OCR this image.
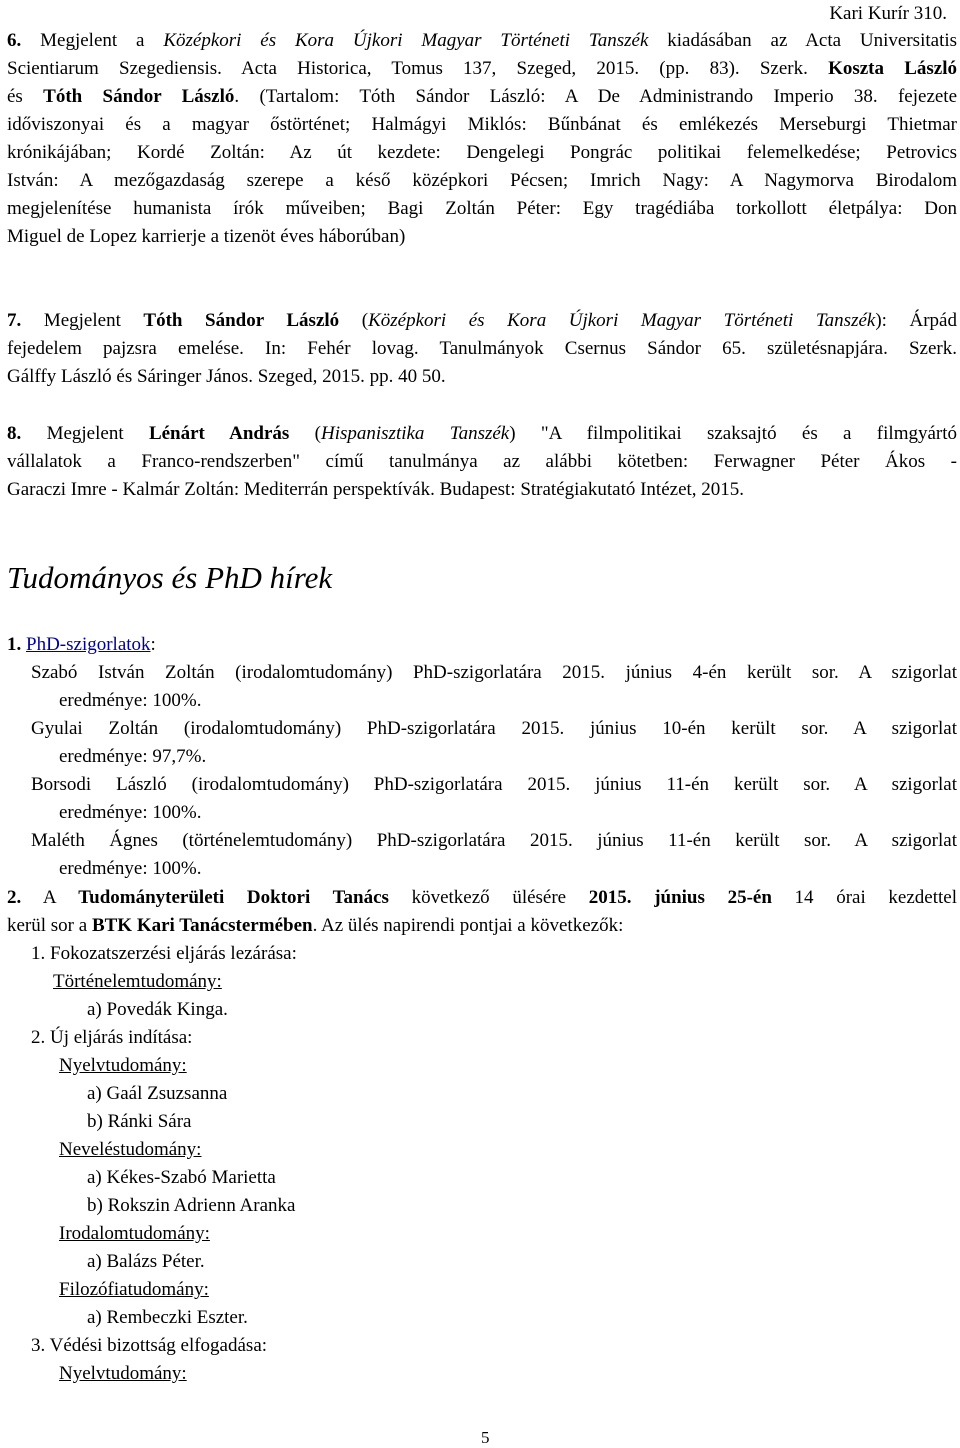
Kari Kurír 310.
6. Megjelent a Középkori és Kora Újkori Magyar Történeti Tanszék kiadásában az Acta Universitatis
Scientiarum Szegediensis. Acta Historica, Tomus 137, Szeged, 2015. (pp. 83). Szerk. Koszta László
és Tóth Sándor László. (Tartalom: Tóth Sándor László: A De Administrando Imperio 38. fejezete
időviszonyai és a magyar őstörténet; Halmágyi Miklós: Bűnbánat és emlékezés Merseburgi Thietmar
krónikájában; Kordé Zoltán: Az út kezdete: Dengelegi Pongrác politikai felemelkedése; Petrovics
István: A mezőgazdaság szerepe a késő középkori Pécsen; Imrich Nagy: A Nagymorva Birodalom
megjelenítése humanista írók műveiben; Bagi Zoltán Péter: Egy tragédiába torkollott életpálya: Don
Miguel de Lopez karrierje a tizenöt éves háborúban)
7. Megjelent Tóth Sándor László (Középkori és Kora Újkori Magyar Történeti Tanszék): Árpád
fejedelem pajzsra emelése. In: Fehér lovag. Tanulmányok Csernus Sándor 65. születésnapjára. Szerk.
Gálffy László és Sáringer János. Szeged, 2015. pp. 40 50.
8. Megjelent Lénárt András (Hispanisztika Tanszék) "A filmpolitikai szaksajtó és a filmgyártó
vállalatok a Franco-rendszerben" című tanulmánya az alábbi kötetben: Ferwagner Péter Ákos -
Garaczi Imre - Kalmár Zoltán: Mediterrán perspektívák. Budapest: Stratégiakutató Intézet, 2015.
Tudományos és PhD hírek
1. PhD-szigorlatok:
Szabó István Zoltán (irodalomtudomány) PhD-szigorlatára 2015. június 4-én került sor. A szigorlat
eredménye: 100%.
Gyulai Zoltán (irodalomtudomány) PhD-szigorlatára 2015. június 10-én került sor. A szigorlat
eredménye: 97,7%.
Borsodi László (irodalomtudomány) PhD-szigorlatára 2015. június 11-én került sor. A szigorlat
eredménye: 100%.
Maléth Ágnes (történelemtudomány) PhD-szigorlatára 2015. június 11-én került sor. A szigorlat
eredménye: 100%.
2. A Tudományterületi Doktori Tanács következő ülésére 2015. június 25-én 14 órai kezdettel
kerül sor a BTK Kari Tanácstermében. Az ülés napirendi pontjai a következők:
1. Fokozatszerzési eljárás lezárása:
Történelemtudomány:
a) Povedák Kinga.
2. Új eljárás indítása:
Nyelvtudomány:
a) Gaál Zsuzsanna
b) Ránki Sára
Neveléstudomány:
a) Kékes-Szabó Marietta
b) Rokszin Adrienn Aranka
Irodalomtudomány:
a) Balázs Péter.
Filozófiatudomány:
a) Rembeczki Eszter.
3. Védési bizottság elfogadása:
Nyelvtudomány:
5
